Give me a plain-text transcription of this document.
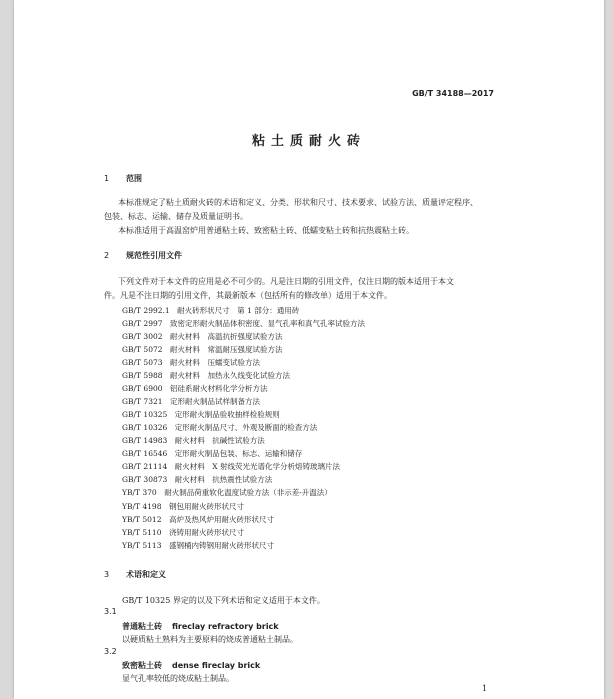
GB/T 34188—2017
粘土质耐火砖
1 范围
本标准规定了粘土质耐火砖的术语和定义、分类、形状和尺寸、技术要求、试验方法、质量评定程序、
包装、标志、运输、储存及质量证明书。
本标准适用于高温窑炉用普通粘土砖、致密粘土砖、低蠕变粘土砖和抗热震粘土砖。
2 规范性引用文件
下列文件对于本文件的应用是必不可少的。凡是注日期的引用文件，仅注日期的版本适用于本文
件。凡是不注日期的引用文件，其最新版本（包括所有的修改单）适用于本文件。
GB/T 2992.1　耐火砖形状尺寸　第 1 部分：通用砖
GB/T 2997　致密定形耐火制品体积密度、显气孔率和真气孔率试验方法
GB/T 3002　耐火材料　高温抗折强度试验方法
GB/T 5072　耐火材料　常温耐压强度试验方法
GB/T 5073　耐火材料　压蠕变试验方法
GB/T 5988　耐火材料　加热永久线变化试验方法
GB/T 6900　铝硅系耐火材料化学分析方法
GB/T 7321　定形耐火制品试样制备方法
GB/T 10325　定形耐火制品验收抽样检验规则
GB/T 10326　定形耐火制品尺寸、外观及断面的检查方法
GB/T 14983　耐火材料　抗碱性试验方法
GB/T 16546　定形耐火制品包装、标志、运输和储存
GB/T 21114　耐火材料　X 射线荧光光谱化学分析熔铸玻璃片法
GB/T 30873　耐火材料　抗热震性试验方法
YB/T 370　耐火制品荷重软化温度试验方法（非示差-升温法）
YB/T 4198　钢包用耐火砖形状尺寸
YB/T 5012　高炉及热风炉用耐火砖形状尺寸
YB/T 5110　浇铸用耐火砖形状尺寸
YB/T 5113　盛钢桶内铸钢用耐火砖形状尺寸
3 术语和定义
GB/T 10325 界定的以及下列术语和定义适用于本文件。
3.1
普通粘土砖 fireclay refractory brick
以硬质粘土熟料为主要原料的烧成普通粘土制品。
3.2
致密粘土砖 dense fireclay brick
显气孔率较低的烧成粘土制品。
1
